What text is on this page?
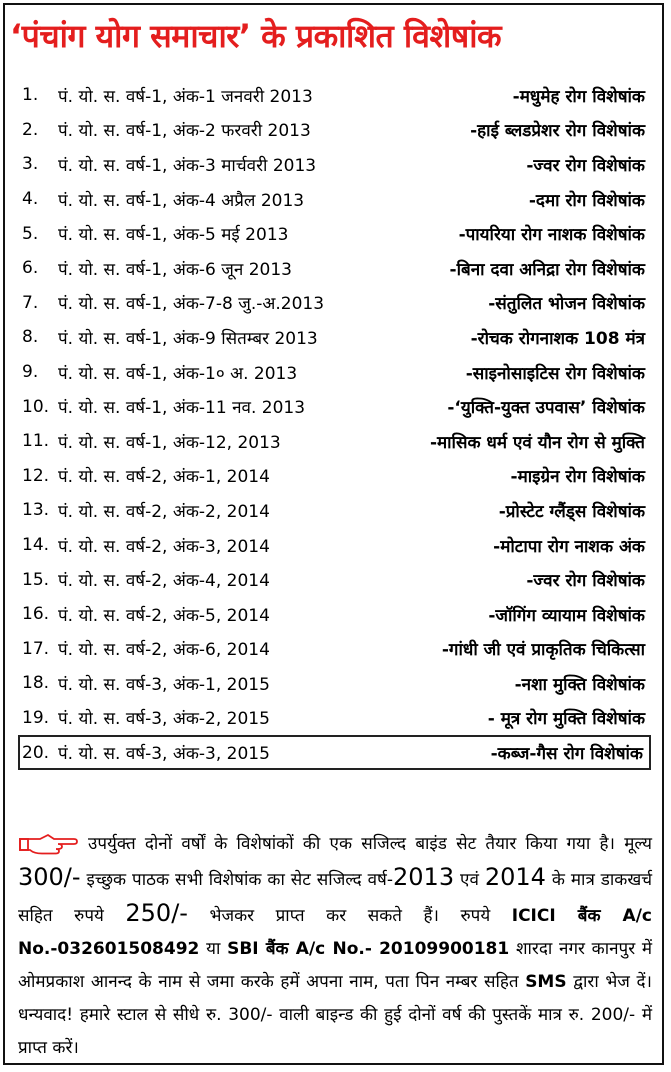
‘पंचांग योग समाचार’ के प्रकाशित विशेषांक
1. पं. यो. स. वर्ष-1, अंक-1 जनवरी 2013	-मधुमेह रोग विशेषांक
2. पं. यो. स. वर्ष-1, अंक-2 फरवरी 2013	-हाई ब्लडप्रेशर रोग विशेषांक
3. पं. यो. स. वर्ष-1, अंक-3 मार्चवरी 2013	-ज्वर रोग विशेषांक
4. पं. यो. स. वर्ष-1, अंक-4 अप्रैल 2013	-दमा रोग विशेषांक
5. पं. यो. स. वर्ष-1, अंक-5 मई 2013	-पायरिया रोग नाशक विशेषांक
6. पं. यो. स. वर्ष-1, अंक-6 जून 2013	-बिना दवा अनिद्रा रोग विशेषांक
7. पं. यो. स. वर्ष-1, अंक-7-8 जु.-अ.2013	-संतुलित भोजन विशेषांक
8. पं. यो. स. वर्ष-1, अंक-9 सितम्बर 2013	-रोचक रोगनाशक 108 मंत्र
9. पं. यो. स. वर्ष-1, अंक-1० अ. 2013	-साइनोसाइटिस रोग विशेषांक
10. पं. यो. स. वर्ष-1, अंक-11 नव. 2013	-‘युक्ति-युक्त उपवास’ विशेषांक
11. पं. यो. स. वर्ष-1, अंक-12, 2013	-मासिक धर्म एवं यौन रोग से मुक्ति
12. पं. यो. स. वर्ष-2, अंक-1, 2014	-माइग्रेन रोग विशेषांक
13. पं. यो. स. वर्ष-2, अंक-2, 2014	-प्रोस्टेट ग्लैंड्स विशेषांक
14. पं. यो. स. वर्ष-2, अंक-3, 2014	-मोटापा रोग नाशक अंक
15. पं. यो. स. वर्ष-2, अंक-4, 2014	-ज्वर रोग विशेषांक
16. पं. यो. स. वर्ष-2, अंक-5, 2014	-जॉगिंग व्यायाम विशेषांक
17. पं. यो. स. वर्ष-2, अंक-6, 2014	-गांधी जी एवं प्राकृतिक चिकित्सा
18. पं. यो. स. वर्ष-3, अंक-1, 2015	-नशा मुक्ति विशेषांक
19. पं. यो. स. वर्ष-3, अंक-2, 2015	- मूत्र रोग मुक्ति विशेषांक
20. पं. यो. स. वर्ष-3, अंक-3, 2015	-कब्ज-गैस रोग विशेषांक
उपर्युक्त दोनों वर्षों के विशेषांकों की एक सजिल्द बाइंड सेट तैयार किया गया है। मूल्य 300/- इच्छुक पाठक सभी विशेषांक का सेट सजिल्द वर्ष-2013 एवं 2014 के मात्र डाकखर्च सहित रुपये 250/- भेजकर प्राप्त कर सकते हैं। रुपये ICICI बैंक A/c No.-032601508492 या SBI बैंक A/c No.- 20109900181 शारदा नगर कानपुर में ओमप्रकाश आनन्द के नाम से जमा करके हमें अपना नाम, पता पिन नम्बर सहित SMS द्वारा भेज दें। धन्यवाद! हमारे स्टाल से सीधे रु. 300/- वाली बाइन्ड की हुई दोनों वर्ष की पुस्तकें मात्र रु. 200/- में प्राप्त करें।
